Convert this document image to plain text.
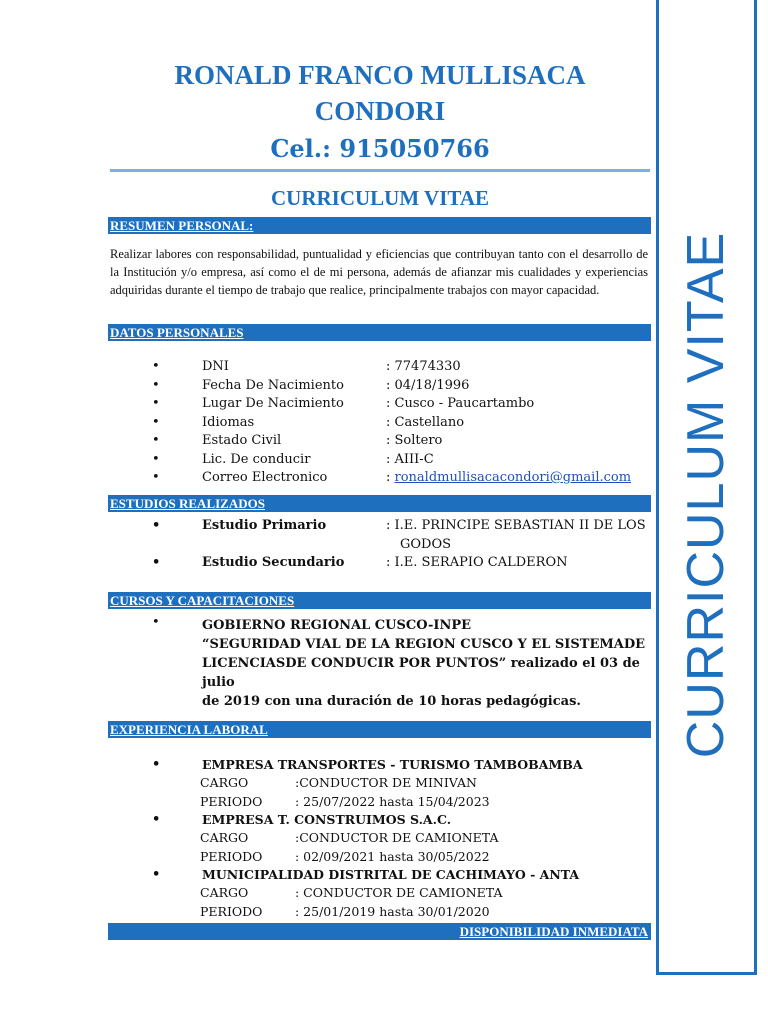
CURRICULUM VITAE
RONALD FRANCO MULLISACA
CONDORI
Cel.: 915050766
CURRICULUM VITAE
RESUMEN PERSONAL:
Realizar labores con responsabilidad, puntualidad y eficiencias que contribuyan tanto con el desarrollo de la Institución y/o empresa, así como el de mi persona, además de afianzar mis cualidades y experiencias adquiridas durante el tiempo de trabajo que realice, principalmente trabajos con mayor capacidad.
DATOS PERSONALES
•	DNI	: 77474330
•	Fecha De Nacimiento	: 04/18/1996
•	Lugar De Nacimiento	: Cusco - Paucartambo
•	Idiomas	: Castellano
•	Estado Civil	: Soltero
•	Lic. De conducir	: AIII-C
•	Correo Electronico	: ronaldmullisacacondori@gmail.com
ESTUDIOS REALIZADOS
•	Estudio Primario	: I.E. PRINCIPE SEBASTIAN II DE LOS
GODOS
•	Estudio Secundario	: I.E. SERAPIO CALDERON
CURSOS Y CAPACITACIONES
•	GOBIERNO REGIONAL CUSCO-INPE
“SEGURIDAD VIAL DE LA REGION CUSCO Y EL SISTEMADE
LICENCIASDE CONDUCIR POR PUNTOS” realizado el 03 de julio
de 2019 con una duración de 10 horas pedagógicas.
EXPERIENCIA LABORAL
•	EMPRESA TRANSPORTES - TURISMO TAMBOBAMBA
CARGO	:CONDUCTOR DE MINIVAN
PERIODO	: 25/07/2022 hasta 15/04/2023
•	EMPRESA T. CONSTRUIMOS S.A.C.
CARGO	:CONDUCTOR DE CAMIONETA
PERIODO	: 02/09/2021 hasta 30/05/2022
•	MUNICIPALIDAD DISTRITAL DE CACHIMAYO - ANTA
CARGO	: CONDUCTOR DE CAMIONETA
PERIODO	: 25/01/2019 hasta 30/01/2020
DISPONIBILIDAD INMEDIATA
